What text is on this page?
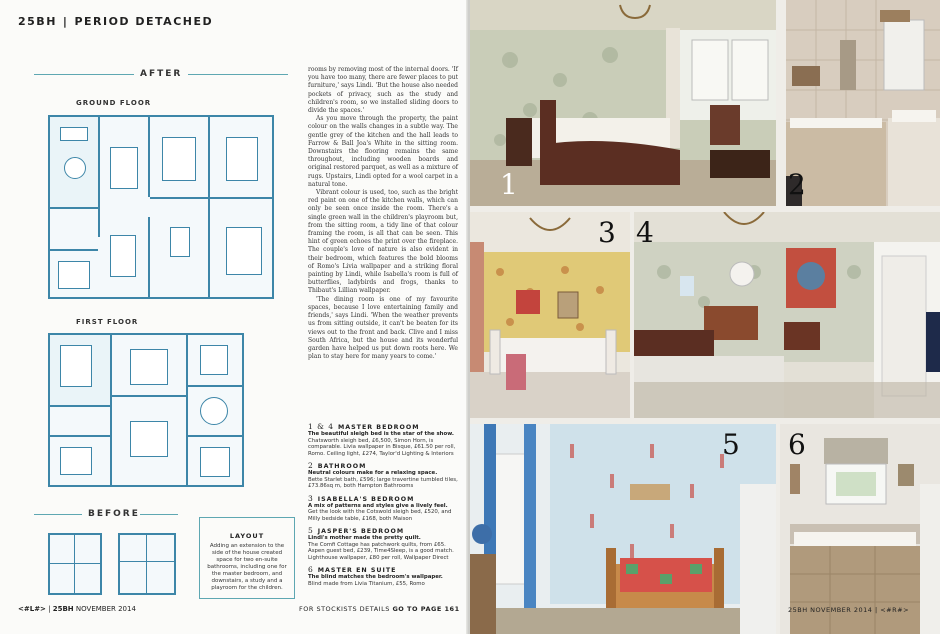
25BH | PERIOD DETACHED
AFTER
GROUND FLOOR
FIRST FLOOR
BEFORE
LAYOUT
Adding an extension to the side of the house created space for two en-suite bathrooms, including one for the master bedroom, and downstairs, a study and a playroom for the children.

rooms by removing most of the internal doors. 'If you have too many, there are fewer places to put furniture,' says Lindi. 'But the house also needed pockets of privacy, such as the study and children's room, so we installed sliding doors to divide the spaces.'

As you move through the property, the paint colour on the walls changes in a subtle way. The gentle grey of the kitchen and the hall leads to Farrow & Ball Joa's White in the sitting room. Downstairs the flooring remains the same throughout, including wooden boards and original restored parquet, as well as a mixture of rugs. Upstairs, Lindi opted for a wool carpet in a natural tone.

Vibrant colour is used, too, such as the bright red paint on one of the kitchen walls, which can only be seen once inside the room. There's a single green wall in the children's playroom but, from the sitting room, a tidy line of that colour framing the room, is all that can be seen. This hint of green echoes the print over the fireplace. The couple's love of nature is also evident in their bedroom, which features the bold blooms of Romo's Livia wallpaper and a striking floral painting by Lindi, while Isabella's room is full of butterflies, ladybirds and frogs, thanks to Thibaut's Lillian wallpaper.

'The dining room is one of my favourite spaces, because I love entertaining family and friends,' says Lindi. 'When the weather prevents us from sitting outside, it can't be beaten for its views out to the front and back. Clive and I miss South Africa, but the house and its wonderful garden have helped us put down roots here. We plan to stay here for many years to come.'

1 & 4 MASTER BEDROOM
The beautiful sleigh bed is the star of the show.
Chatsworth sleigh bed, £6,500, Simon Horn, is comparable. Livia wallpaper in Bisque, £61.50 per roll, Romo. Ceiling light, £274, Taylor'd Lighting & Interiors
2 BATHROOM
Neutral colours make for a relaxing space.
Bette Starlet bath, £596; large travertine tumbled tiles, £73.86sq m, both Hampton Bathrooms
3 ISABELLA'S BEDROOM
A mix of patterns and styles give a lively feel.
Get the look with the Cotswold sleigh bed, £520, and Milly bedside table, £168, both Maison
5 JASPER'S BEDROOM
Lindi's mother made the pretty quilt.
The Comfi Cottage has patchwork quilts, from £65. Aspen guest bed, £239, Time4Sleep, is a good match. Lighthouse wallpaper, £80 per roll, Wallpaper Direct
6 MASTER EN SUITE
The blind matches the bedroom's wallpaper.
Blind made from Livia Titanium, £55, Romo
<#L#> | 25BH NOVEMBER 2014	FOR STOCKISTS DETAILS GO TO PAGE 161
1	2
3 4
5 6
25BH NOVEMBER 2014 | <#R#>
